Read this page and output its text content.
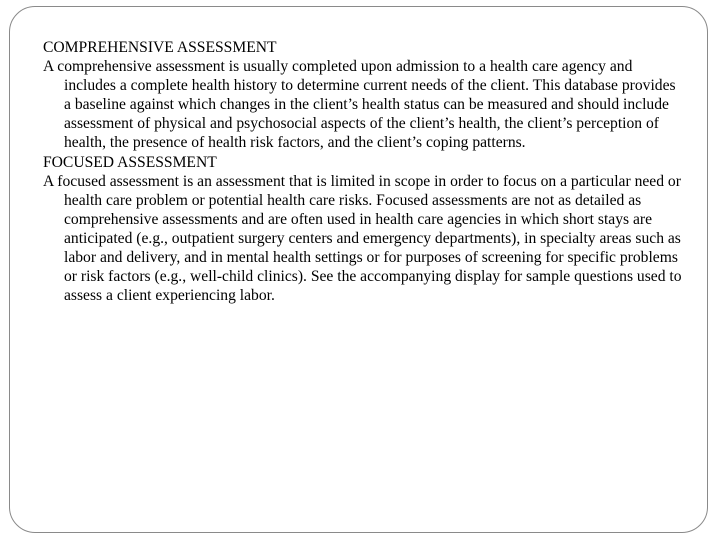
COMPREHENSIVE ASSESSMENT

A comprehensive assessment is usually completed upon admission to a health care agency and includes a complete health history to determine current needs of the client. This database provides a baseline against which changes in the client’s health status can be measured and should include assessment of physical and psychosocial aspects of the client’s health, the client’s perception of health, the presence of health risk factors, and the client’s coping patterns.

FOCUSED ASSESSMENT

A focused assessment is an assessment that is limited in scope in order to focus on a particular need or health care problem or potential health care risks. Focused assessments are not as detailed as comprehensive assessments and are often used in health care agencies in which short stays are anticipated (e.g., outpatient surgery centers and emergency departments), in specialty areas such as labor and delivery, and in mental health settings or for purposes of screening for specific problems or risk factors (e.g., well-child clinics). See the accompanying display for sample questions used to assess a client experiencing labor.
